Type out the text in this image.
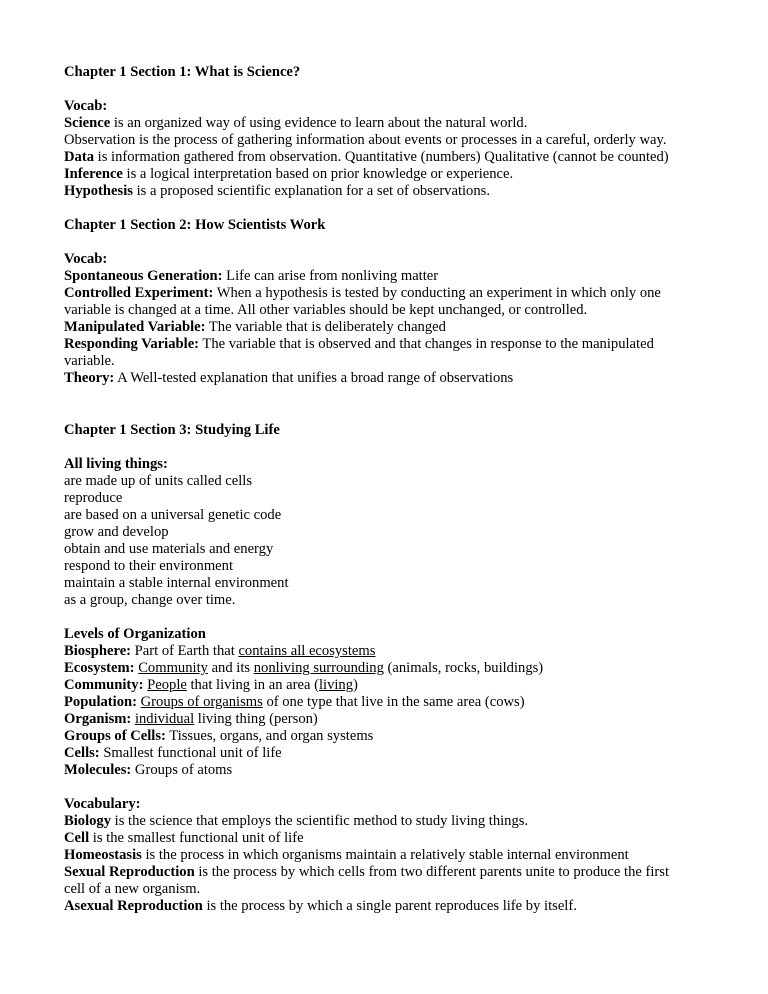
Chapter 1 Section 1: What is Science?
Vocab:
Science is an organized way of using evidence to learn about the natural world.
Observation is the process of gathering information about events or processes in a careful, orderly way.
Data is information gathered from observation. Quantitative (numbers) Qualitative (cannot be counted)
Inference is a logical interpretation based on prior knowledge or experience.
Hypothesis is a proposed scientific explanation for a set of observations.
Chapter 1 Section 2: How Scientists Work
Vocab:
Spontaneous Generation: Life can arise from nonliving matter
Controlled Experiment: When a hypothesis is tested by conducting an experiment in which only one
variable is changed at a time. All other variables should be kept unchanged, or controlled.
Manipulated Variable: The variable that is deliberately changed
Responding Variable: The variable that is observed and that changes in response to the manipulated
variable.
Theory: A Well-tested explanation that unifies a broad range of observations
Chapter 1 Section 3: Studying Life
All living things:
are made up of units called cells
reproduce
are based on a universal genetic code
grow and develop
obtain and use materials and energy
respond to their environment
maintain a stable internal environment
as a group, change over time.
Levels of Organization
Biosphere: Part of Earth that contains all ecosystems
Ecosystem: Community and its nonliving surrounding (animals, rocks, buildings)
Community: People that living in an area (living)
Population: Groups of organisms of one type that live in the same area (cows)
Organism: individual living thing (person)
Groups of Cells: Tissues, organs, and organ systems
Cells: Smallest functional unit of life
Molecules: Groups of atoms
Vocabulary:
Biology is the science that employs the scientific method to study living things.
Cell is the smallest functional unit of life
Homeostasis is the process in which organisms maintain a relatively stable internal environment
Sexual Reproduction is the process by which cells from two different parents unite to produce the first
cell of a new organism.
Asexual Reproduction is the process by which a single parent reproduces life by itself.
